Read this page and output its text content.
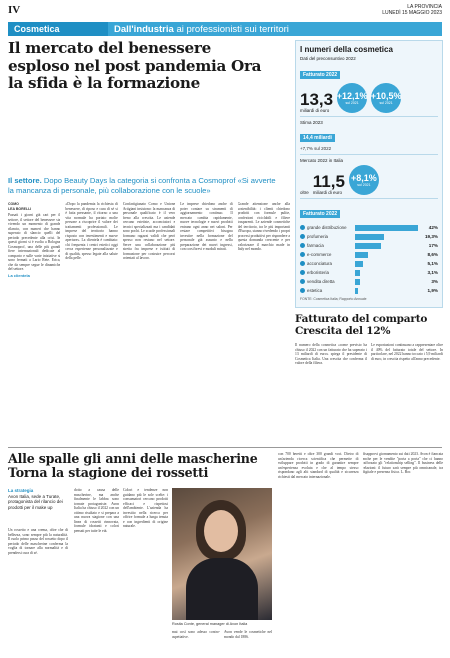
IV	LA PROVINCIA
LUNEDÌ 15 MAGGIO 2023
Cosmetica	Dall'industria ai professionisti sui territori
Il mercato del benessere esploso nel post pandemia Ora la sfida è la formazione
Il settore. Dopo Beauty Days la categoria si confronta a Cosmoprof «Si avverte la mancanza di personale, più collaborazione con le scuole»
COMO
LEA BORELLI

Passati i giorni già cari per il settore, il settore del benessere sta vivendo un momento di grande rilancio, con numeri che hanno superato di slancio quelli del periodo precedente alla crisi. In questi giorni si è svolta a Bologna Cosmoprof, una delle più grandi fiere internazionali dedicate al comparto e sulle varie iniziative si sono fermati a Lario Rete. Erica, che da sempre segue le dinamiche del settore.

La clientela

«Dopo la pandemia la richiesta di benessere, di riposo e cura di sé si è fatta pressante, il ritorno a una vita normale ha portato molte persone a riscoprire il valore dei trattamenti professionali. Le imprese del territorio hanno risposto con investimenti e nuove aperture». La clientela è cambiata: chi frequenta i centri estetici oggi cerca esperienze personalizzate e di qualità, spesso legate alla salute della pelle.

Confartigianato Como e Unione Artigiani insistono: la mancanza di personale qualificato è il vero freno alla crescita. Le aziende cercano estetiste, acconciatori e tecnici specializzati ma i candidati sono pochi. Le scuole professionali formano ragazzi validi che però spesso non restano nel settore. Serve una collaborazione più stretta fra imprese e istituti di formazione per costruire percorsi orientati al lavoro.

Le imprese chiedono anche di poter contare su strumenti di aggiornamento continuo. Il mercato cambia rapidamente, nuove tecnologie e nuovi prodotti entrano ogni anno nei saloni. Per restare competitivi bisogna investire nella formazione del personale già assunto e nella preparazione dei nuovi ingressi, con corsi brevi e moduli mirati.

Grande attenzione anche alla sostenibilità: i clienti chiedono prodotti con formule pulite, confezioni riciclabili e filiere trasparenti. Le aziende cosmetiche del territorio, tra le più importanti d'Europa, stanno rivedendo i propri processi produttivi per rispondere a questa domanda crescente e per valorizzare il marchio made in Italy nel mondo.

I numeri della cosmetica
Dati del preconsuntivo 2022
Fatturato 2022
13,3
miliardi di euro
+12,1%
sul 2021
+10,5%
sul 2021
Stima 2023
14,4 miliardi
+7,7% sul 2022
Mercato 2022 in Italia
oltre
11,5
miliardi di euro
+8,1%
sul 2021
Fatturato 2022
grande distribuzione	42%
profumeria	19,3%
farmacia	17%
e-commerce	8,6%
acconciatura	5,1%
erboristeria	3,1%
vendita diretta	3%
estetica	1,9%
FONTE: Cosmetica Italia; Rapporto Annuale
Fatturato del comparto Crescita del 12%

Il numero della cosmetica «come previsto ha chiuso il 2022 con un fatturato che ha superato i 13 miliardi di euro» spiega il presidente di Cosmetica Italia. Una crescita che conferma il valore della filiera.

Le esportazioni continuano a rappresentare oltre il 40% del fatturato totale del settore. In particolare, nel 2022 hanno toccato i 5,9 miliardi di euro, in crescita rispetto all'anno precedente.

Alle spalle gli anni delle mascherine Torna la stagione dei rossetti
La strategia
Avon Italia, sede a Turate, protagonista del rilancio dei prodotti per il make up

Un rossetto e una crema, oltre che di bellezza, sono sempre più la naturalità. Il ruolo primo passo del rossetto dopo il periodo delle mascherine conferma la voglia di tornare alla normalità e di prendersi cura di sé.

dotto a causa delle mascherine, ma anche finalmente le labbra sono tornate protagoniste. Avon Italia ha chiuso il 2022 con un ottimo risultato e si prepara a una nuova stagione con una linea di rossetti rinnovata, formule idratanti e colori pensati per tutte le età.

Colori e tendenze non guidano più le sole scelte: i consumatori cercano prodotti efficaci e rispettosi dell'ambiente. L'azienda ha investito nella ricerca per offrire formule a lunga tenuta e con ingredienti di origine naturale.

Rosita Conte, general manager di Avon Italia

mai così sono adesso contro-aspettative.

Avon vende le cosmetiche nel mondo dal 1886.

con 700 beretti e oltre 300 grandi voci. Dietro di un'azienda ricerca scientifica che permette di sviluppare prodotti in grado di garantire sempre un'esperienza evoluta e che al tempo stesso rispondano agli alti standard di qualità e sicurezza richiesti dal mercato internazionale.

disapprovi giornamento sui dati 2023. Avon è fiancata anche per le vendite "porta a porta" che ci hanno rafforzato gli "relationship selling". Il business delle relazioni: il futuro sarà sempre più omnicanale, tra digitale e presenza fisica. L. Bor.
